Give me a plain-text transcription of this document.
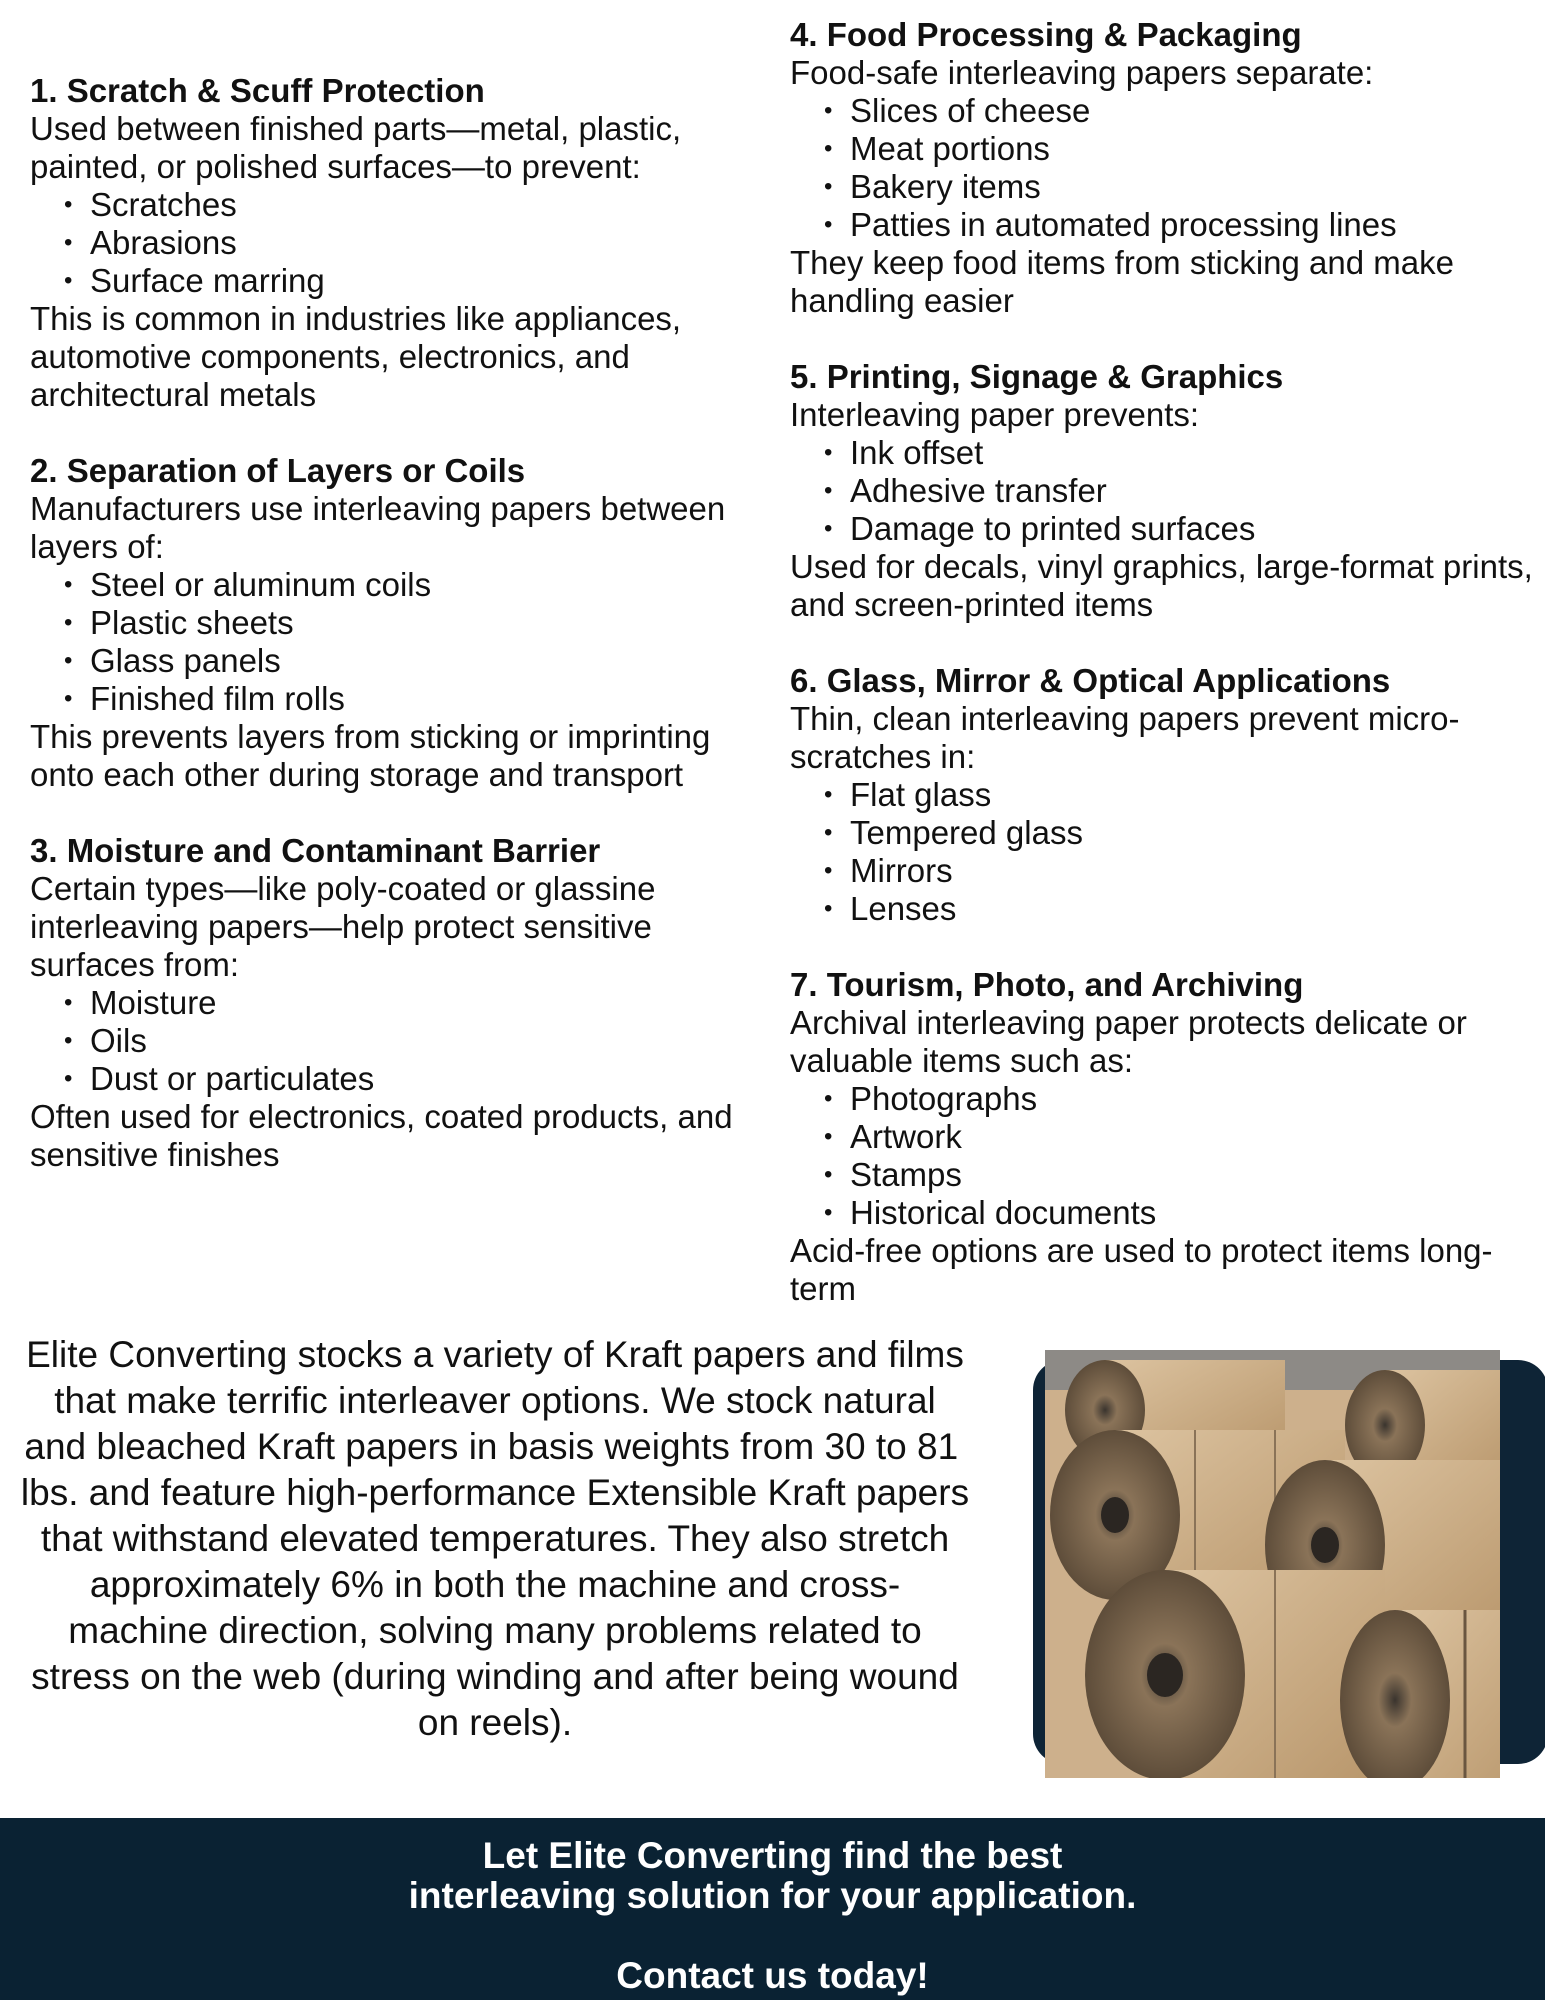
1. Scratch & Scuff Protection

Used between finished parts—metal, plastic, painted, or polished surfaces—to prevent:

• Scratches
• Abrasions
• Surface marring

This is common in industries like appliances, automotive components, electronics, and architectural metals

2. Separation of Layers or Coils

Manufacturers use interleaving papers between layers of:

• Steel or aluminum coils
• Plastic sheets
• Glass panels
• Finished film rolls

This prevents layers from sticking or imprinting onto each other during storage and transport

3. Moisture and Contaminant Barrier

Certain types—like poly-coated or glassine interleaving papers—help protect sensitive surfaces from:

• Moisture
• Oils
• Dust or particulates

Often used for electronics, coated products, and sensitive finishes

4. Food Processing & Packaging

Food-safe interleaving papers separate:

• Slices of cheese
• Meat portions
• Bakery items
• Patties in automated processing lines

They keep food items from sticking and make handling easier

5. Printing, Signage & Graphics

Interleaving paper prevents:

• Ink offset
• Adhesive transfer
• Damage to printed surfaces

Used for decals, vinyl graphics, large-format prints, and screen-printed items

6. Glass, Mirror & Optical Applications

Thin, clean interleaving papers prevent micro-scratches in:

• Flat glass
• Tempered glass
• Mirrors
• Lenses
7. Tourism, Photo, and Archiving

Archival interleaving paper protects delicate or valuable items such as:

• Photographs
• Artwork
• Stamps
• Historical documents

Acid-free options are used to protect items long-term

Elite Converting stocks a variety of Kraft papers and films that make terrific interleaver options. We stock natural and bleached Kraft papers in basis weights from 30 to 81 lbs. and feature high-performance Extensible Kraft papers that withstand elevated temperatures. They also stretch approximately 6% in both the machine and cross-machine direction, solving many problems related to stress on the web (during winding and after being wound on reels).
Let Elite Converting find the best
interleaving solution for your application.
Contact us today!
